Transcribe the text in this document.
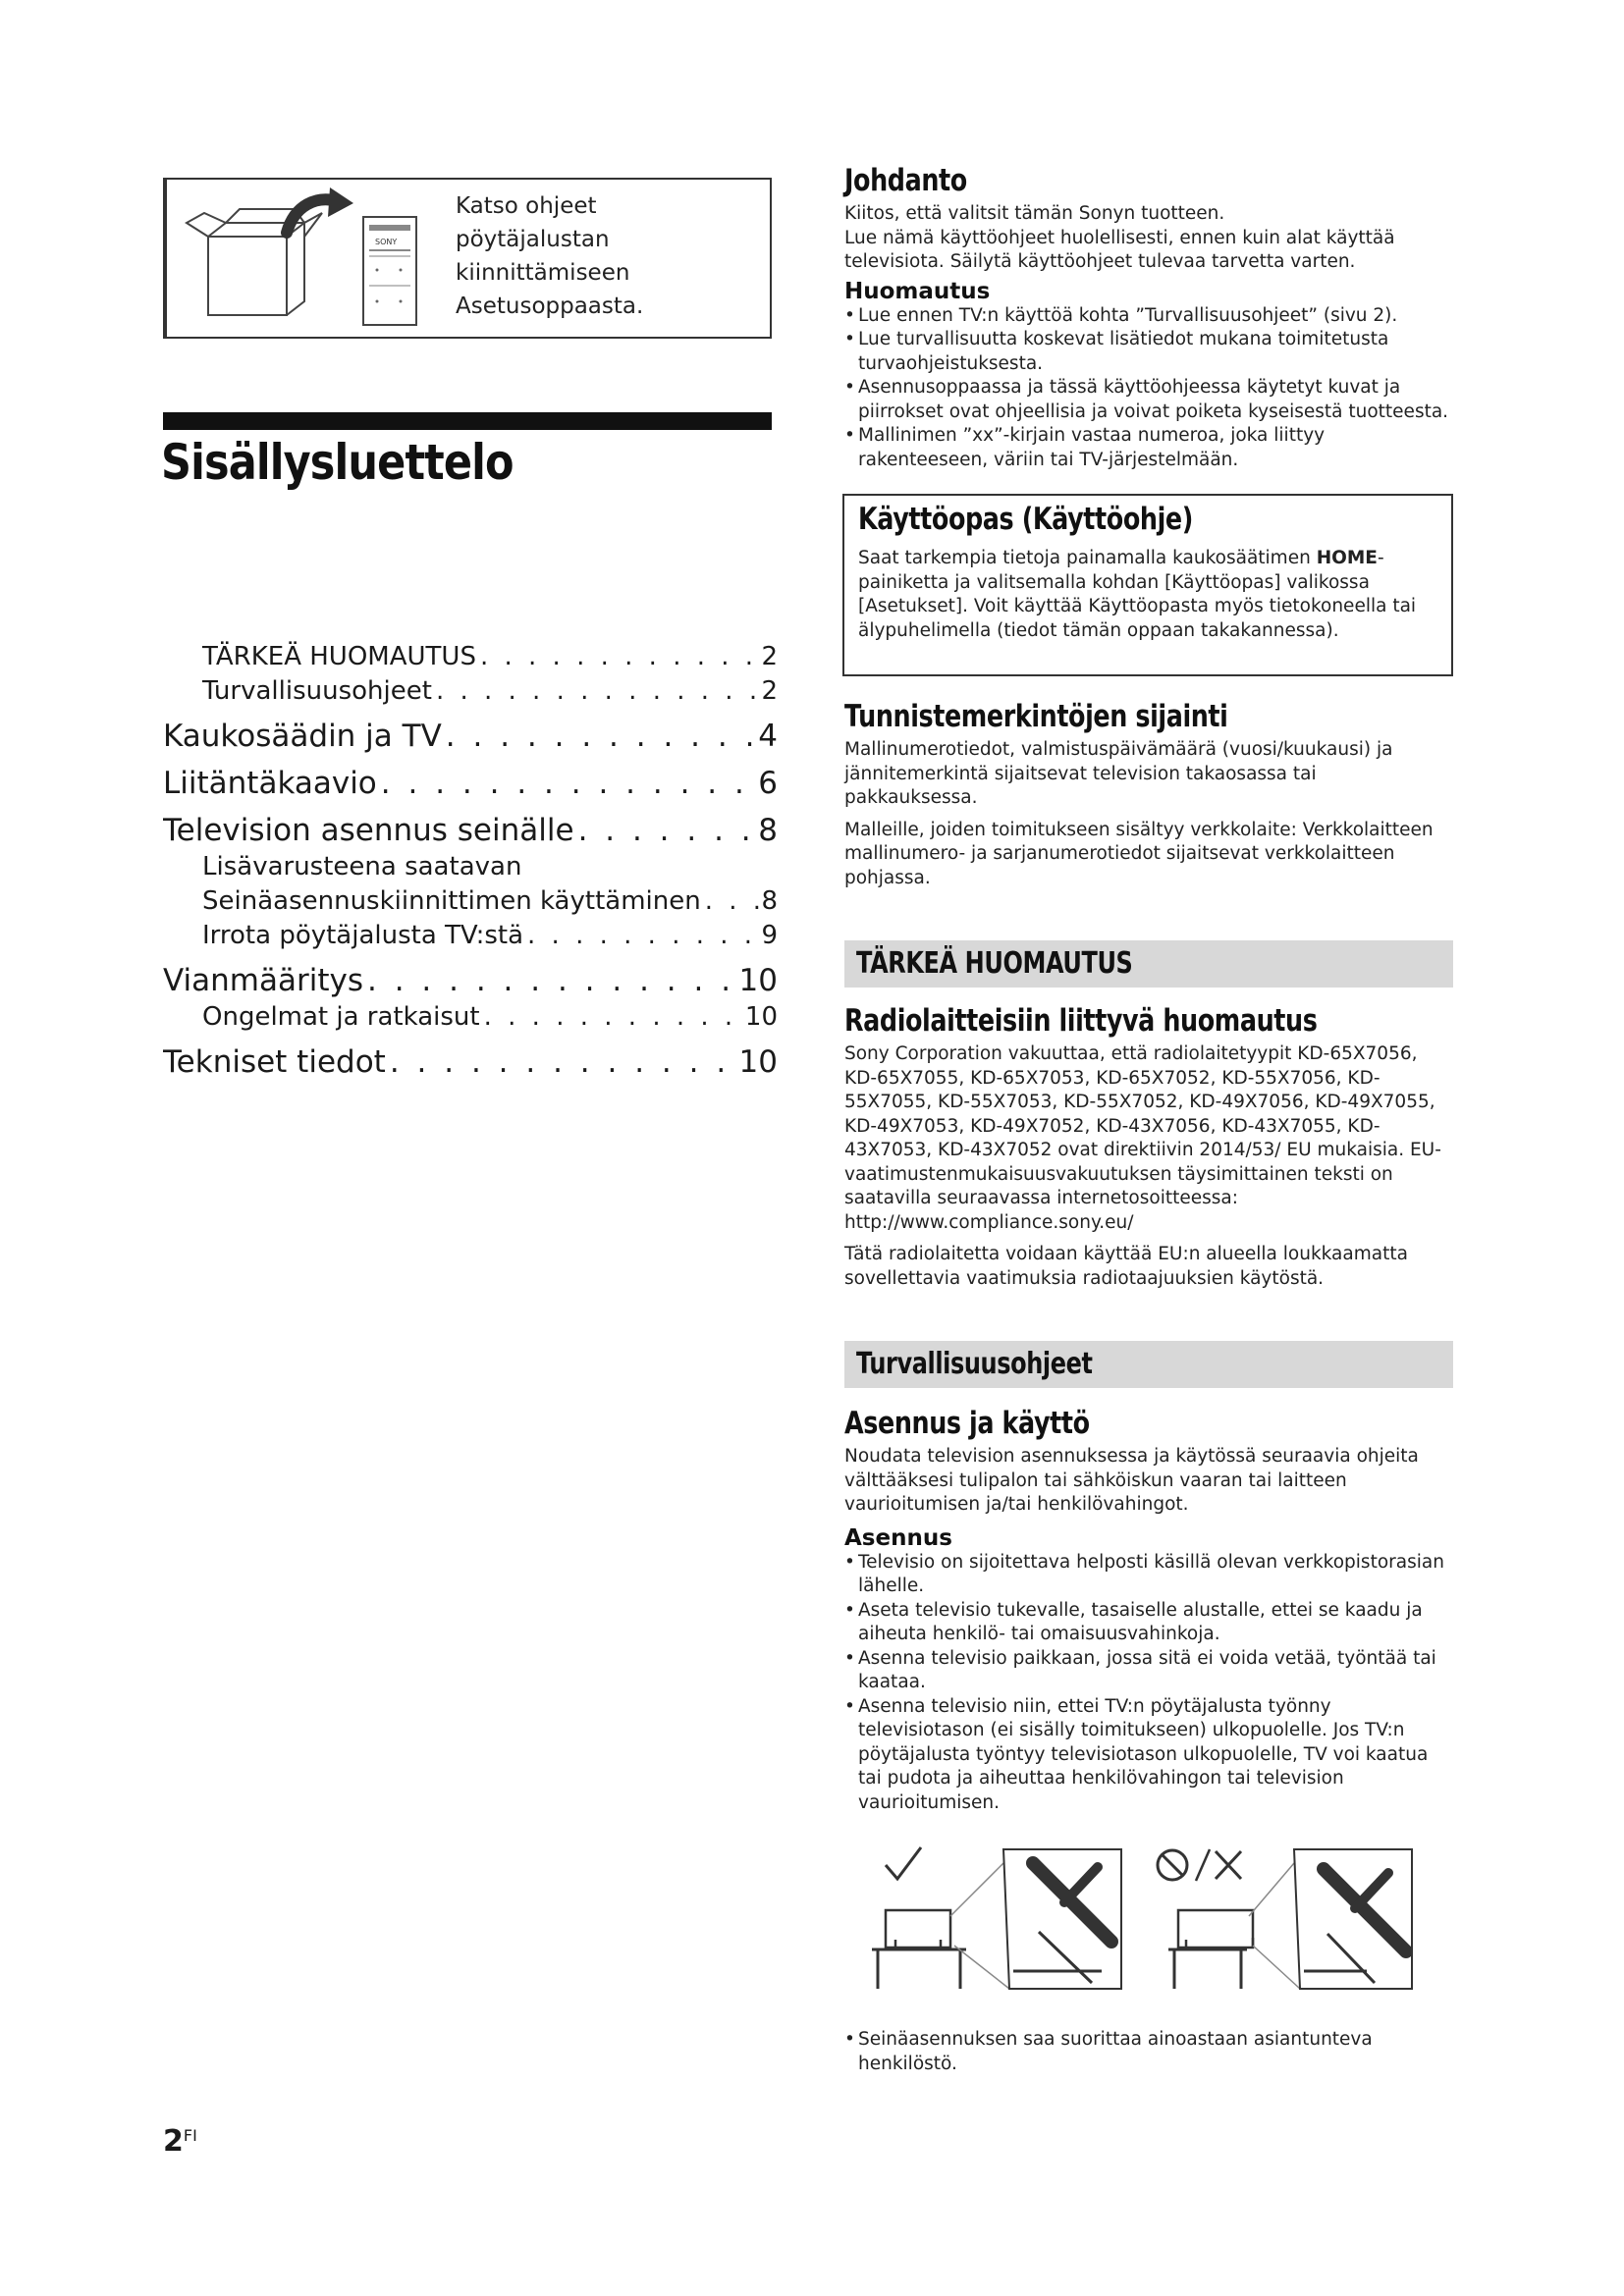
SONY
Katso ohjeet
pöytäjalustan
kiinnittämiseen
Asetusoppaasta.
Sisällysluettelo
TÄRKEÄ HUOMAUTUS . . .	2
Turvallisuusohjeet . . .	2
Kaukosäädin ja TV . . .	4
Liitäntäkaavio . . .	6
Television asennus seinälle . . .	8
Lisävarusteena saatavan
Seinäasennuskiinnittimen käyttäminen . . . 8
Irrota pöytäjalusta TV:stä . . .	9
Vianmääritys . . .	10
Ongelmat ja ratkaisut . . .	10
Tekniset tiedot . . .	10
$2^{FI}$
Johdanto

Kiitos, että valitsit tämän Sonyn tuotteen.

Lue nämä käyttöohjeet huolellisesti, ennen kuin alat käyttää televisiota. Säilytä käyttöohjeet tulevaa tarvetta varten.

Huomautus
• Lue ennen TV:n käyttöä kohta ”Turvallisuusohjeet” (sivu 2).
• Lue turvallisuutta koskevat lisätiedot mukana toimitetusta turvaohjeistuksesta.
• Asennusoppaassa ja tässä käyttöohjeessa käytetyt kuvat ja piirrokset ovat ohjeellisia ja voivat poiketa kyseisestä tuotteesta.
• Mallinimen ”xx”-kirjain vastaa numeroa, joka liittyy rakenteeseen, väriin tai TV-järjestelmään.
Käyttöopas (Käyttöohje)

Saat tarkempia tietoja painamalla kaukosäätimen HOME-painiketta ja valitsemalla kohdan [Käyttöopas] valikossa [Asetukset]. Voit käyttää Käyttöopasta myös tietokoneella tai älypuhelimella (tiedot tämän oppaan takakannessa).

Tunnistemerkintöjen sijainti

Mallinumerotiedot, valmistuspäivämäärä (vuosi/kuukausi) ja jännitemerkintä sijaitsevat television takaosassa tai pakkauksessa.

Malleille, joiden toimitukseen sisältyy verkkolaite: Verkkolaitteen mallinumero- ja sarjanumerotiedot sijaitsevat verkkolaitteen pohjassa.

TÄRKEÄ HUOMAUTUS
Radiolaitteisiin liittyvä huomautus

Sony Corporation vakuuttaa, että radiolaitetyypit KD-65X7056, KD-65X7055, KD-65X7053, KD-65X7052, KD-55X7056, KD-55X7055, KD-55X7053, KD-55X7052, KD-49X7056, KD-49X7055, KD-49X7053, KD-49X7052, KD-43X7056, KD-43X7055, KD-43X7053, KD-43X7052 ovat direktiivin 2014/53/ EU mukaisia. EU-vaatimustenmukaisuusvakuutuksen täysimittainen teksti on saatavilla seuraavassa internetosoitteessa: http://www.compliance.sony.eu/

Tätä radiolaitetta voidaan käyttää EU:n alueella loukkaamatta sovellettavia vaatimuksia radiotaajuuksien käytöstä.

Turvallisuusohjeet
Asennus ja käyttö

Noudata television asennuksessa ja käytössä seuraavia ohjeita välttääksesi tulipalon tai sähköiskun vaaran tai laitteen vaurioitumisen ja/tai henkilövahingot.

Asennus
• Televisio on sijoitettava helposti käsillä olevan verkkopistorasian lähelle.
• Aseta televisio tukevalle, tasaiselle alustalle, ettei se kaadu ja aiheuta henkilö- tai omaisuusvahinkoja.
• Asenna televisio paikkaan, jossa sitä ei voida vetää, työntää tai kaataa.
• Asenna televisio niin, ettei TV:n pöytäjalusta työnny televisiotason (ei sisälly toimitukseen) ulkopuolelle. Jos TV:n pöytäjalusta työntyy televisiotason ulkopuolelle, TV voi kaatua tai pudota ja aiheuttaa henkilövahingon tai television vaurioitumisen.
• Seinäasennuksen saa suorittaa ainoastaan asiantunteva henkilöstö.
